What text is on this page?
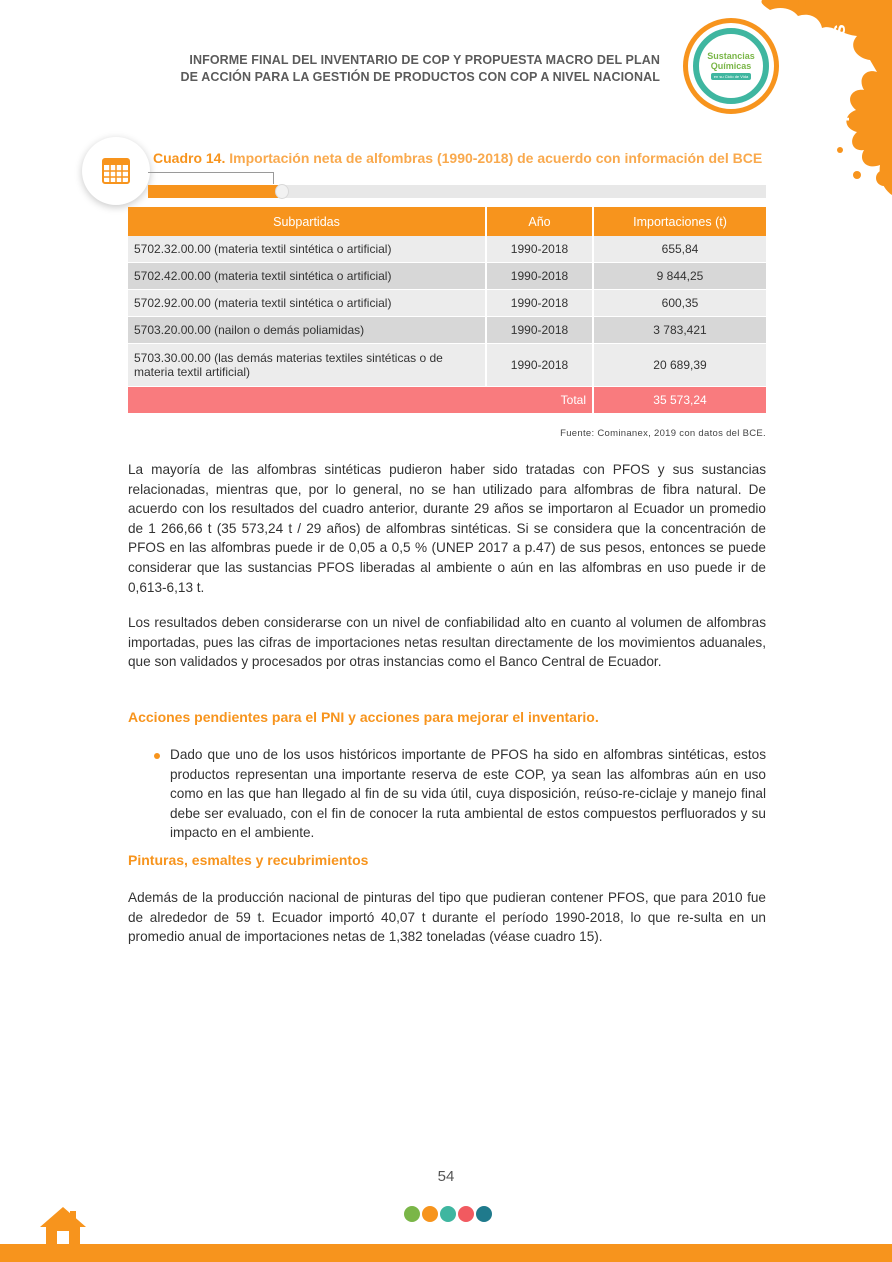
Sustancias
Químicas
en su Ciclo de Vida	COP en productos
INFORME FINAL DEL INVENTARIO DE COP Y PROPUESTA MACRO DEL PLAN
DE ACCIÓN PARA LA GESTIÓN DE PRODUCTOS CON COP A NIVEL NACIONAL
Cuadro 14. Importación neta de alfombras (1990-2018) de acuerdo con información del BCE
Subpartidas	Año	Importaciones (t)
5702.32.00.00 (materia textil sintética o artificial)	1990-2018	655,84
5702.42.00.00 (materia textil sintética o artificial)	1990-2018	9 844,25
5702.92.00.00 (materia textil sintética o artificial)	1990-2018	600,35
5703.20.00.00 (nailon o demás poliamidas)	1990-2018	3 783,421
5703.30.00.00 (las demás materias textiles sintéticas o de materia textil artificial)	1990-2018	20 689,39
Total		35 573,24
Fuente: Cominanex, 2019 con datos del BCE.

La mayoría de las alfombras sintéticas pudieron haber sido tratadas con PFOS y sus sustancias relacionadas, mientras que, por lo general, no se han utilizado para alfombras de fibra natural. De acuerdo con los resultados del cuadro anterior, durante 29 años se importaron al Ecuador un promedio de 1 266,66 t (35 573,24 t / 29 años) de alfombras sintéticas. Si se considera que la concentración de PFOS en las alfombras puede ir de 0,05 a 0,5 % (UNEP 2017 a p.47) de sus pesos, entonces se puede considerar que las sustancias PFOS liberadas al ambiente o aún en las alfombras en uso puede ir de 0,613-6,13 t.

Los resultados deben considerarse con un nivel de confiabilidad alto en cuanto al volumen de alfombras importadas, pues las cifras de importaciones netas resultan directamente de los movimientos aduanales, que son validados y procesados por otras instancias como el Banco Central de Ecuador.

Acciones pendientes para el PNI y acciones para mejorar el inventario.

Dado que uno de los usos históricos importante de PFOS ha sido en alfombras sintéticas, estos productos representan una importante reserva de este COP, ya sean las alfombras aún en uso como en las que han llegado al fin de su vida útil, cuya disposición, reúso-re-ciclaje y manejo final debe ser evaluado, con el fin de conocer la ruta ambiental de estos compuestos perfluorados y su impacto en el ambiente.

Pinturas, esmaltes y recubrimientos

Además de la producción nacional de pinturas del tipo que pudieran contener PFOS, que para 2010 fue de alrededor de 59 t. Ecuador importó 40,07 t durante el período 1990-2018, lo que re-sulta en un promedio anual de importaciones netas de 1,382 toneladas (véase cuadro 15).

54
